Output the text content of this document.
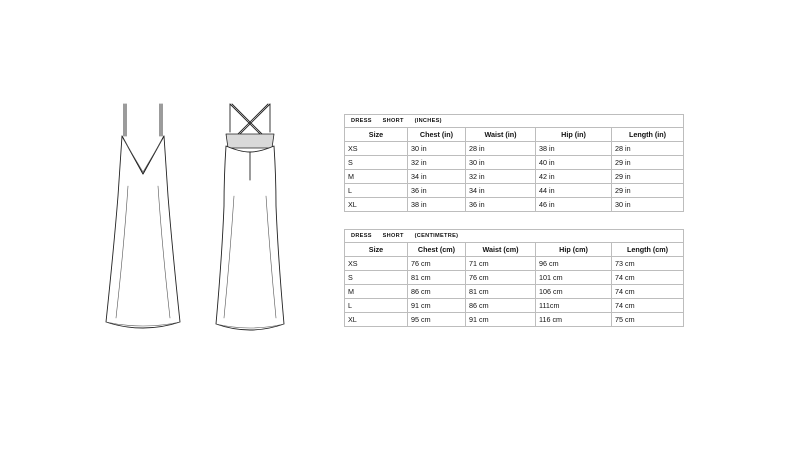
DRESS SHORT (INCHES)				
Size	Chest (in)	Waist (in)	Hip (in)	Length (in)
XS	30 in	28 in	38 in	28 in
S	32 in	30 in	40 in	29 in
M	34 in	32 in	42 in	29 in
L	36 in	34 in	44 in	29 in
XL	38 in	36 in	46 in	30 in
DRESS SHORT (CENTIMETRE)				
Size	Chest (cm)	Waist (cm)	Hip (cm)	Length (cm)
XS	76 cm	71 cm	96 cm	73 cm
S	81 cm	76 cm	101 cm	74 cm
M	86 cm	81 cm	106 cm	74 cm
L	91 cm	86 cm	111cm	74 cm
XL	95 cm	91 cm	116 cm	75 cm
